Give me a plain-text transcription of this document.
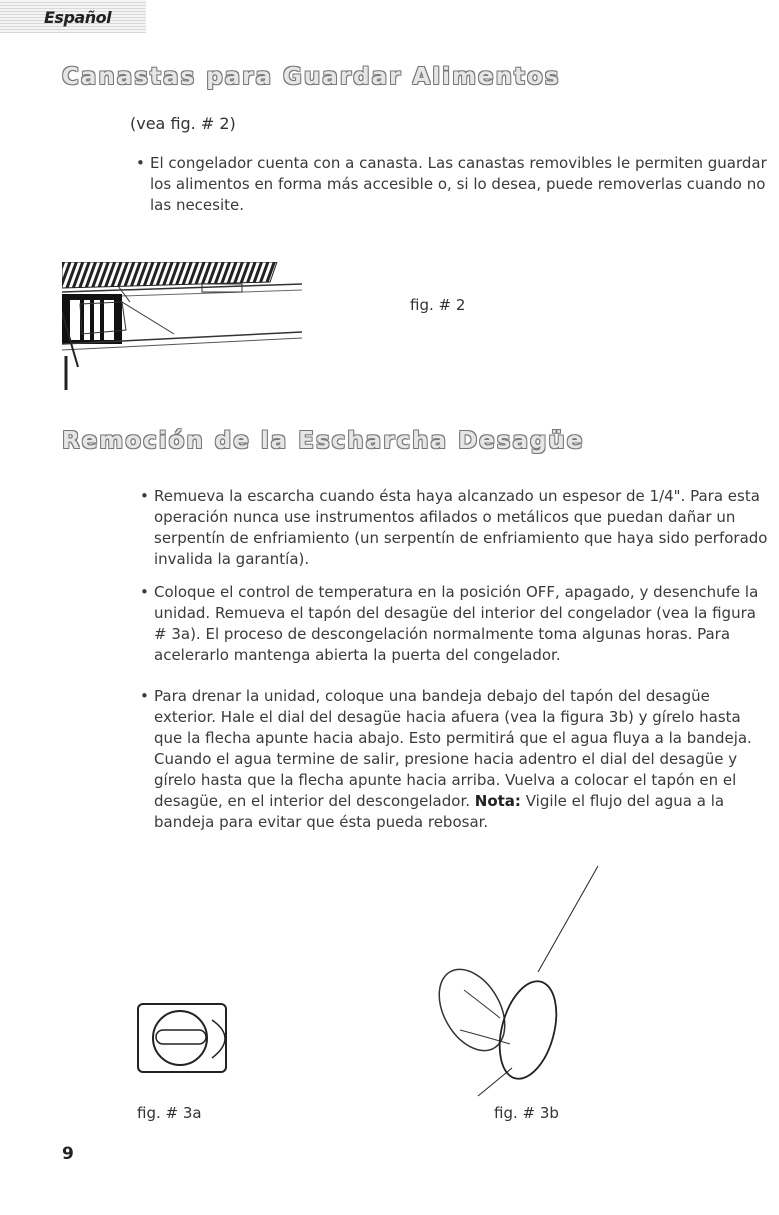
Español
Canastas para Guardar Alimentos
(vea fig. # 2)

• El congelador cuenta con a canasta. Las canastas removibles le permiten guardar los alimentos en forma más accesible o, si lo desea, puede removerlas cuando no las necesite.

fig. # 2
Remoción de la Escharcha Desagüe

• Remueva la escarcha cuando ésta haya alcanzado un espesor de 1/4". Para esta operación nunca use instrumentos afilados o metálicos que puedan dañar un serpentín de enfriamiento (un serpentín de enfriamiento que haya sido perforado invalida la garantía).

• Coloque el control de temperatura en la posición OFF, apagado, y desenchufe la unidad. Remueva el tapón del desagüe del interior del congelador (vea la figura # 3a). El proceso de descongelación normalmente toma algunas horas. Para acelerarlo mantenga abierta la puerta del congelador.

• Para drenar la unidad, coloque una bandeja debajo del tapón del desagüe exterior. Hale el dial del desagüe hacia afuera (vea la figura 3b) y gírelo hasta que la flecha apunte hacia abajo. Esto permitirá que el agua fluya a la bandeja. Cuando el agua termine de salir, presione hacia adentro el dial del desagüe y gírelo hasta que la flecha apunte hacia arriba. Vuelva a colocar el tapón en el desagüe, en el interior del descongelador. Nota: Vigile el flujo del agua a la bandeja para evitar que ésta pueda rebosar.

fig. # 3a	fig. # 3b
9
